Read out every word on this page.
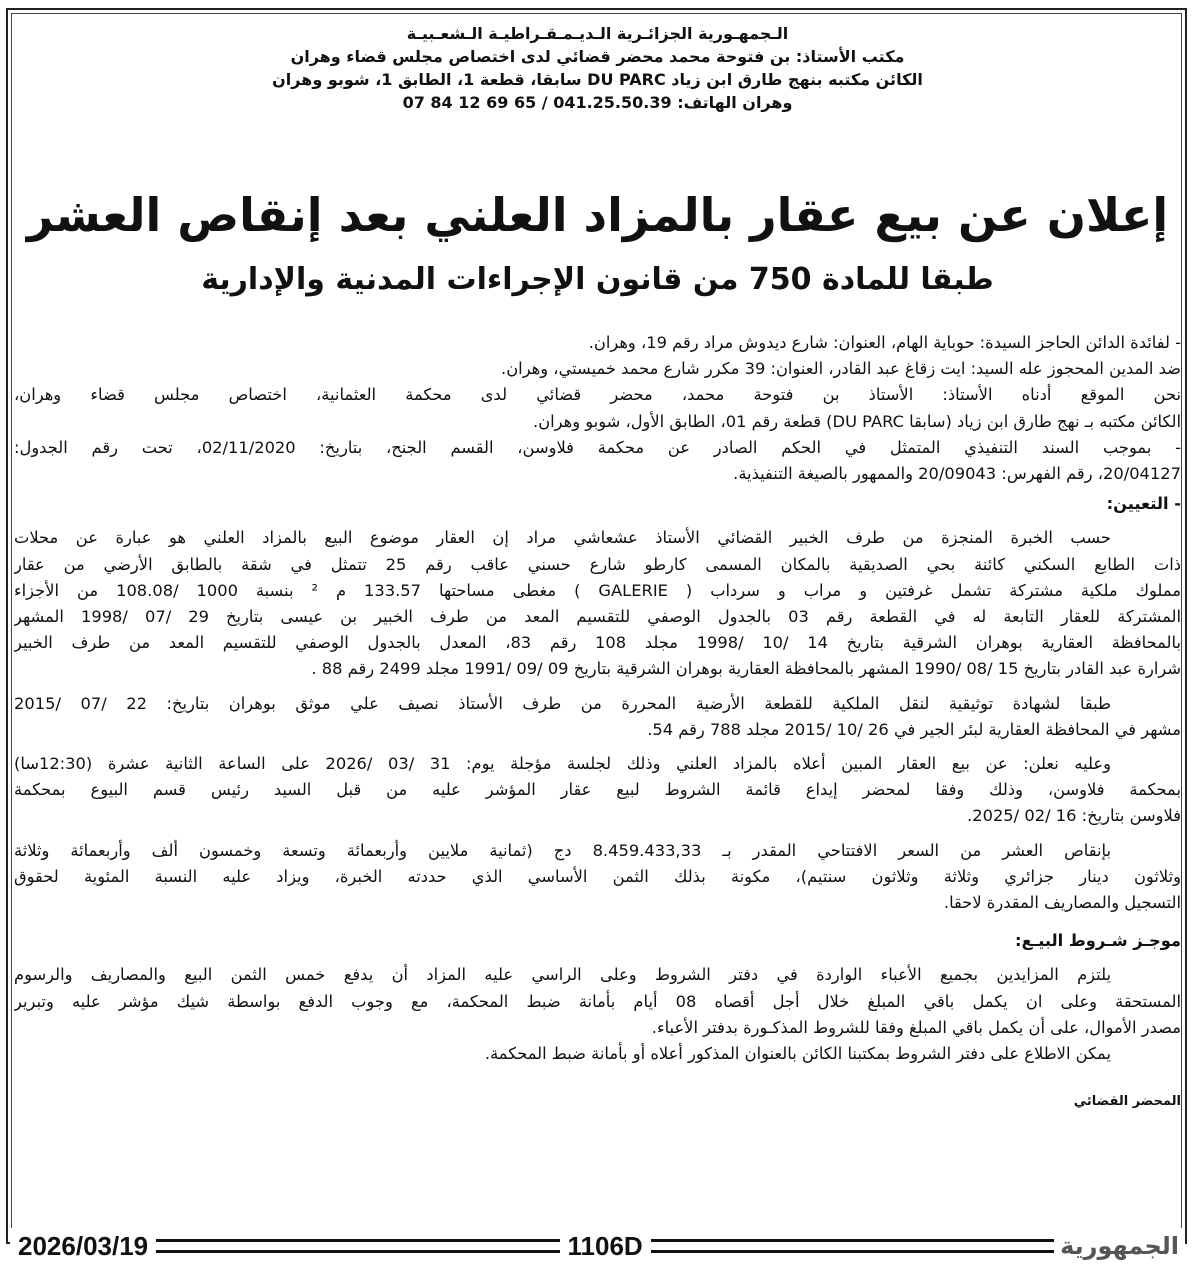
الـجمهـورية الجزائـرية الـديـمـقـراطيـة الـشعـبيـة
مكتب الأستاذ: بن فتوحة محمد محضر قضائي لدى اختصاص مجلس قضاء وهران
الكائن مكتبه بنهج طارق ابن زياد DU PARC سابقا، قطعة 1، الطابق 1، شوبو وهران
وهران الهاتف: 041.25.50.39 / 65 69 12 84 07
إعلان عن بيع عقار بالمزاد العلني بعد إنقاص العشر
طبقا للمادة 750 من قانون الإجراءات المدنية والإدارية
- لفائدة الدائن الحاجز السيدة: حوباية الهام، العنوان: شارع ديدوش مراد رقم 19، وهران.
ضد المدين المحجوز عله السيد: ايت زقاغ عبد القادر، العنوان: 39 مكرر شارع محمد خميستي، وهران.
نحن الموقع أدناه الأستاذ: الأستاذ بن فتوحة محمد، محضر قضائي لدى محكمة العثمانية، اختصاص مجلس قضاء وهران،
الكائن مكتبه بـ نهج طارق ابن زياد (سابقا DU PARC) قطعة رقم 01، الطابق الأول، شوبو وهران.
- بموجب السند التنفيذي المتمثل في الحكم الصادر عن محكمة فلاوسن، القسم الجنح، بتاريخ: 02/11/2020، تحت رقم الجدول:
20/04127، رقم الفهرس: 20/09043 والممهور بالصيغة التنفيذية.
- التعيين:
حسب الخبرة المنجزة من طرف الخبير القضائي الأستاذ عشعاشي مراد إن العقار موضوع البيع بالمزاد العلني هو عبارة عن محلات
ذات الطابع السكني كائنة بحي الصديقية بالمكان المسمى كارطو شارع حسني عاقب رقم 25 تتمثل في شقة بالطابق الأرضي من عقار
مملوك ملكية مشتركة تشمل غرفتين و مراب و سرداب ( GALERIE ) مغطى مساحتها 133.57 م ² بنسبة 1000 /108.08 من الأجزاء
المشتركة للعقار التابعة له في القطعة رقم 03 بالجدول الوصفي للتقسيم المعد من طرف الخبير بن عيسى بتاريخ 29 /07 /1998 المشهر
بالمحافظة العقارية بوهران الشرقية بتاريخ 14 /10 /1998 مجلد 108 رقم 83، المعدل بالجدول الوصفي للتقسيم المعد من طرف الخبير
شرارة عبد القادر بتاريخ 15 /08 /1990 المشهر بالمحافظة العقارية بوهران الشرقية بتاريخ 09 /09 /1991 مجلد 2499 رقم 88 .
طبقا لشهادة توثيقية لنقل الملكية للقطعة الأرضية المحررة من طرف الأستاذ نصيف علي موثق بوهران بتاريخ: 22 /07 /2015
مشهر في المحافظة العقارية لبئر الجير في 26 /10 /2015 مجلد 788 رقم 54.
وعليه نعلن: عن بيع العقار المبين أعلاه بالمزاد العلني وذلك لجلسة مؤجلة يوم: 31 /03 /2026 على الساعة الثانية عشرة (12:30سا)
بمحكمة فلاوسن، وذلك وفقا لمحضر إيداع قائمة الشروط لبيع عقار المؤشر عليه من قبل السيد رئيس قسم البيوع بمحكمة
فلاوسن بتاريخ: 16 /02 /2025.
بإنقاص العشر من السعر الافتتاحي المقدر بـ 8.459.433,33 دج (ثمانية ملايين وأربعمائة وتسعة وخمسون ألف وأربعمائة وثلاثة
وثلاثون دينار جزائري وثلاثة وثلاثون سنتيم)، مكونة بذلك الثمن الأساسي الذي حددته الخبرة، ويزاد عليه النسبة المئوية لحقوق
التسجيل والمصاريف المقدرة لاحقا.
موجـز شـروط البيـع:
يلتزم المزايدين بجميع الأعباء الواردة في دفتر الشروط وعلى الراسي عليه المزاد أن يدفع خمس الثمن البيع والمصاريف والرسوم
المستحقة وعلى ان يكمل باقي المبلغ خلال أجل أقصاه 08 أيام بأمانة ضبط المحكمة، مع وجوب الدفع بواسطة شيك مؤشر عليه وتبرير
مصدر الأموال، على أن يكمل باقي المبلغ وفقا للشروط المذكـورة بدفتر الأعباء.
يمكن الاطلاع على دفتر الشروط بمكتبنا الكائن بالعنوان المذكور أعلاه أو بأمانة ضبط المحكمة.
المحضر القضائي
2026/03/19	1106D	الجمهورية
